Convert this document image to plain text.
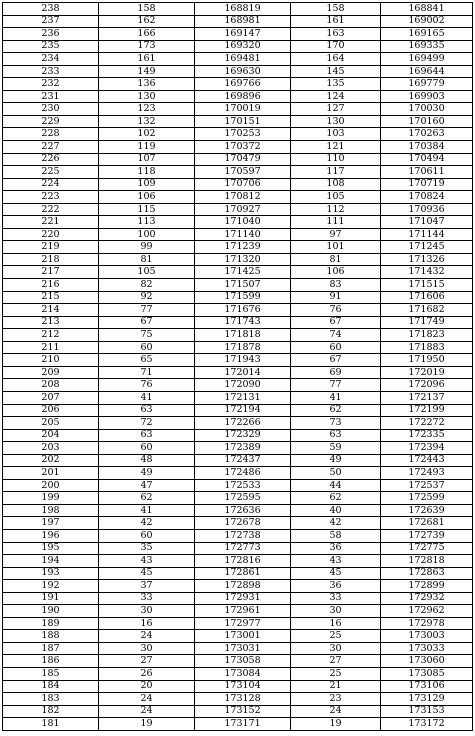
238	158	168819	158	168841
237	162	168981	161	169002
236	166	169147	163	169165
235	173	169320	170	169335
234	161	169481	164	169499
233	149	169630	145	169644
232	136	169766	135	169779
231	130	169896	124	169903
230	123	170019	127	170030
229	132	170151	130	170160
228	102	170253	103	170263
227	119	170372	121	170384
226	107	170479	110	170494
225	118	170597	117	170611
224	109	170706	108	170719
223	106	170812	105	170824
222	115	170927	112	170936
221	113	171040	111	171047
220	100	171140	97	171144
219	99	171239	101	171245
218	81	171320	81	171326
217	105	171425	106	171432
216	82	171507	83	171515
215	92	171599	91	171606
214	77	171676	76	171682
213	67	171743	67	171749
212	75	171818	74	171823
211	60	171878	60	171883
210	65	171943	67	171950
209	71	172014	69	172019
208	76	172090	77	172096
207	41	172131	41	172137
206	63	172194	62	172199
205	72	172266	73	172272
204	63	172329	63	172335
203	60	172389	59	172394
202	48	172437	49	172443
201	49	172486	50	172493
200	47	172533	44	172537
199	62	172595	62	172599
198	41	172636	40	172639
197	42	172678	42	172681
196	60	172738	58	172739
195	35	172773	36	172775
194	43	172816	43	172818
193	45	172861	45	172863
192	37	172898	36	172899
191	33	172931	33	172932
190	30	172961	30	172962
189	16	172977	16	172978
188	24	173001	25	173003
187	30	173031	30	173033
186	27	173058	27	173060
185	26	173084	25	173085
184	20	173104	21	173106
183	24	173128	23	173129
182	24	173152	24	173153
181	19	173171	19	173172
